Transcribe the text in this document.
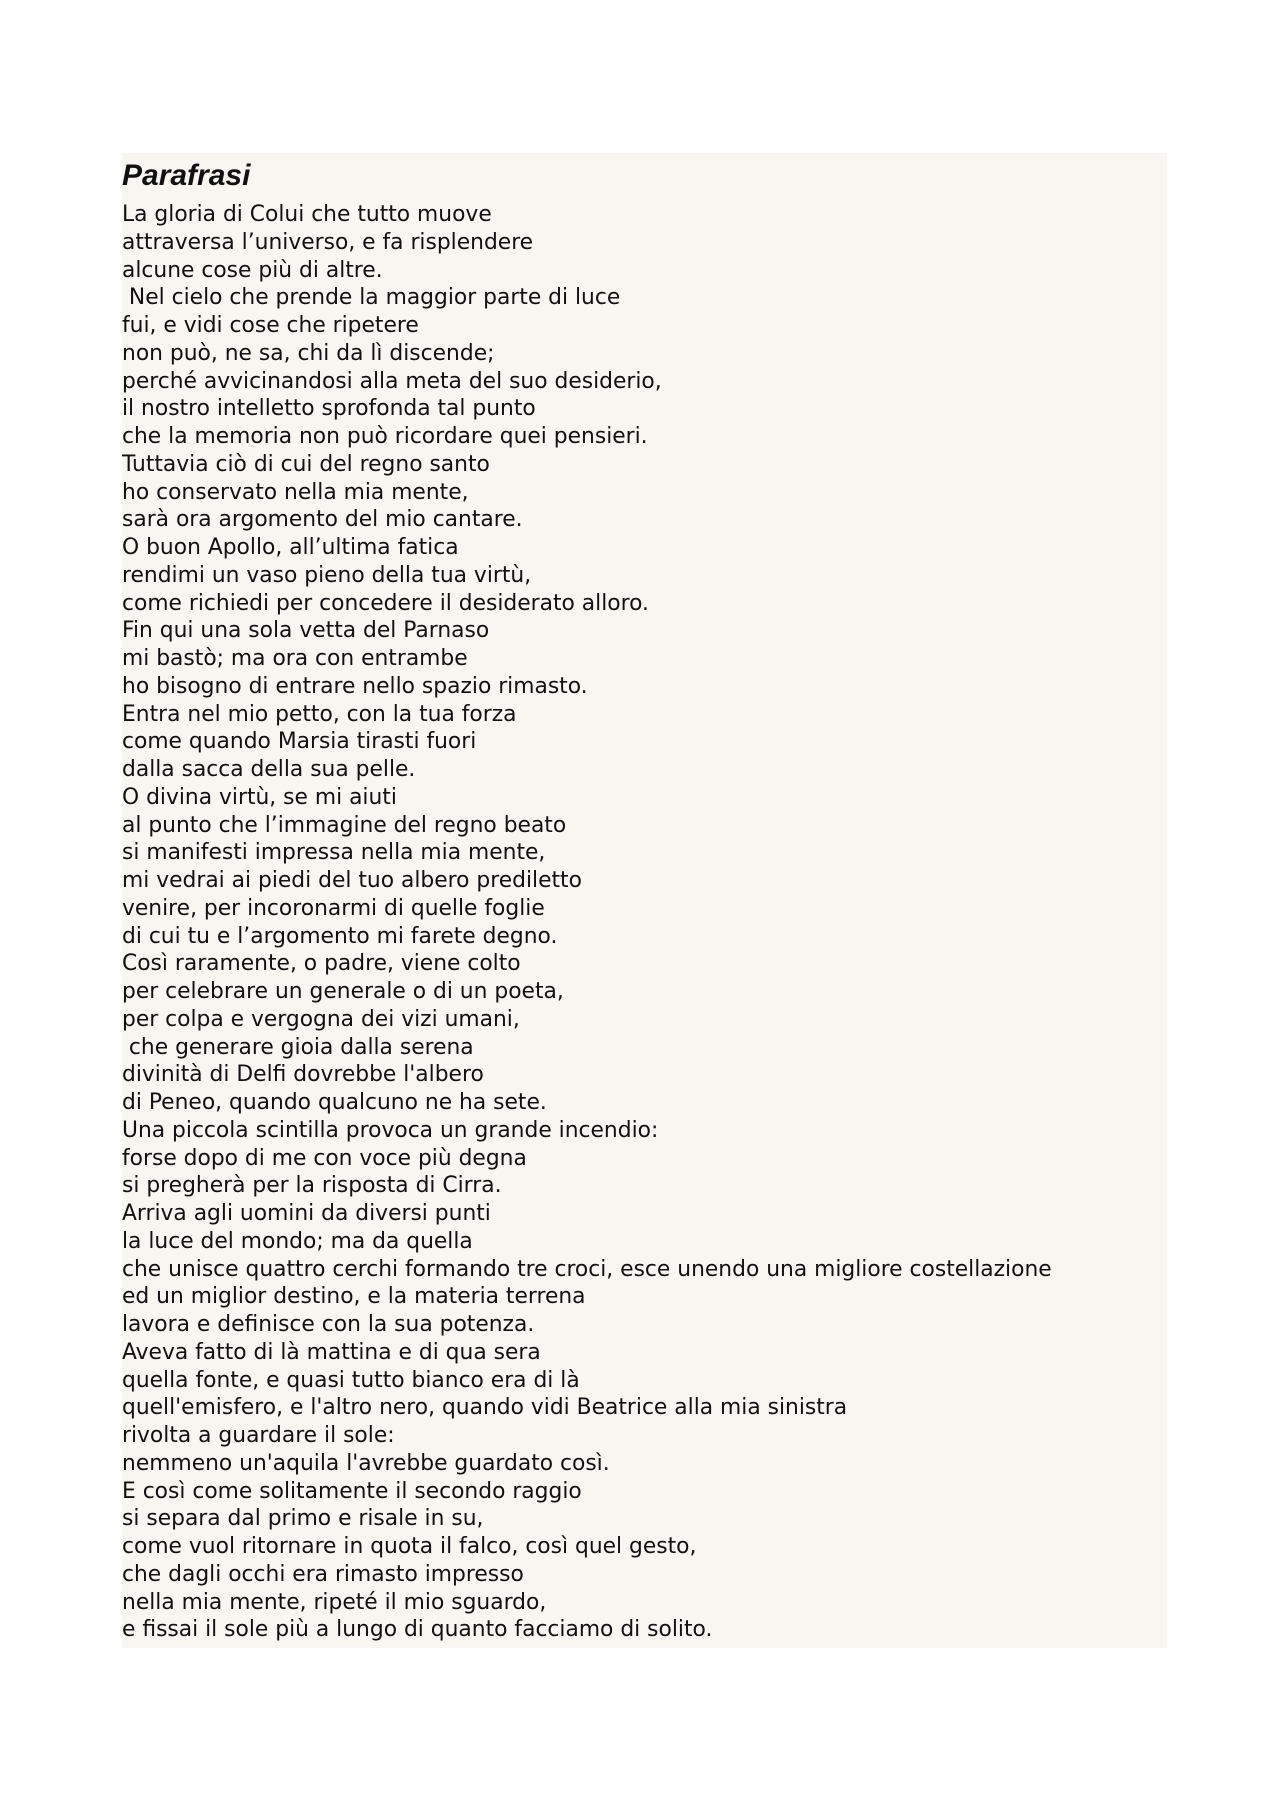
Parafrasi
La gloria di Colui che tutto muove
attraversa l’universo, e fa risplendere
alcune cose più di altre.
Nel cielo che prende la maggior parte di luce
fui, e vidi cose che ripetere
non può, ne sa, chi da lì discende;
perché avvicinandosi alla meta del suo desiderio,
il nostro intelletto sprofonda tal punto
che la memoria non può ricordare quei pensieri.
Tuttavia ciò di cui del regno santo
ho conservato nella mia mente,
sarà ora argomento del mio cantare.
O buon Apollo, all’ultima fatica
rendimi un vaso pieno della tua virtù,
come richiedi per concedere il desiderato alloro.
Fin qui una sola vetta del Parnaso
mi bastò; ma ora con entrambe
ho bisogno di entrare nello spazio rimasto.
Entra nel mio petto, con la tua forza
come quando Marsia tirasti fuori
dalla sacca della sua pelle.
O divina virtù, se mi aiuti
al punto che l’immagine del regno beato
si manifesti impressa nella mia mente,
mi vedrai ai piedi del tuo albero prediletto
venire, per incoronarmi di quelle foglie
di cui tu e l’argomento mi farete degno.
Così raramente, o padre, viene colto
per celebrare un generale o di un poeta,
per colpa e vergogna dei vizi umani,
che generare gioia dalla serena
divinità di Delfi dovrebbe l'albero
di Peneo, quando qualcuno ne ha sete.
Una piccola scintilla provoca un grande incendio:
forse dopo di me con voce più degna
si pregherà per la risposta di Cirra.
Arriva agli uomini da diversi punti
la luce del mondo; ma da quella
che unisce quattro cerchi formando tre croci, esce unendo una migliore costellazione
ed un miglior destino, e la materia terrena
lavora e definisce con la sua potenza.
Aveva fatto di là mattina e di qua sera
quella fonte, e quasi tutto bianco era di là
quell'emisfero, e l'altro nero, quando vidi Beatrice alla mia sinistra
rivolta a guardare il sole:
nemmeno un'aquila l'avrebbe guardato così.
E così come solitamente il secondo raggio
si separa dal primo e risale in su,
come vuol ritornare in quota il falco, così quel gesto,
che dagli occhi era rimasto impresso
nella mia mente, ripeté il mio sguardo,
e fissai il sole più a lungo di quanto facciamo di solito.
